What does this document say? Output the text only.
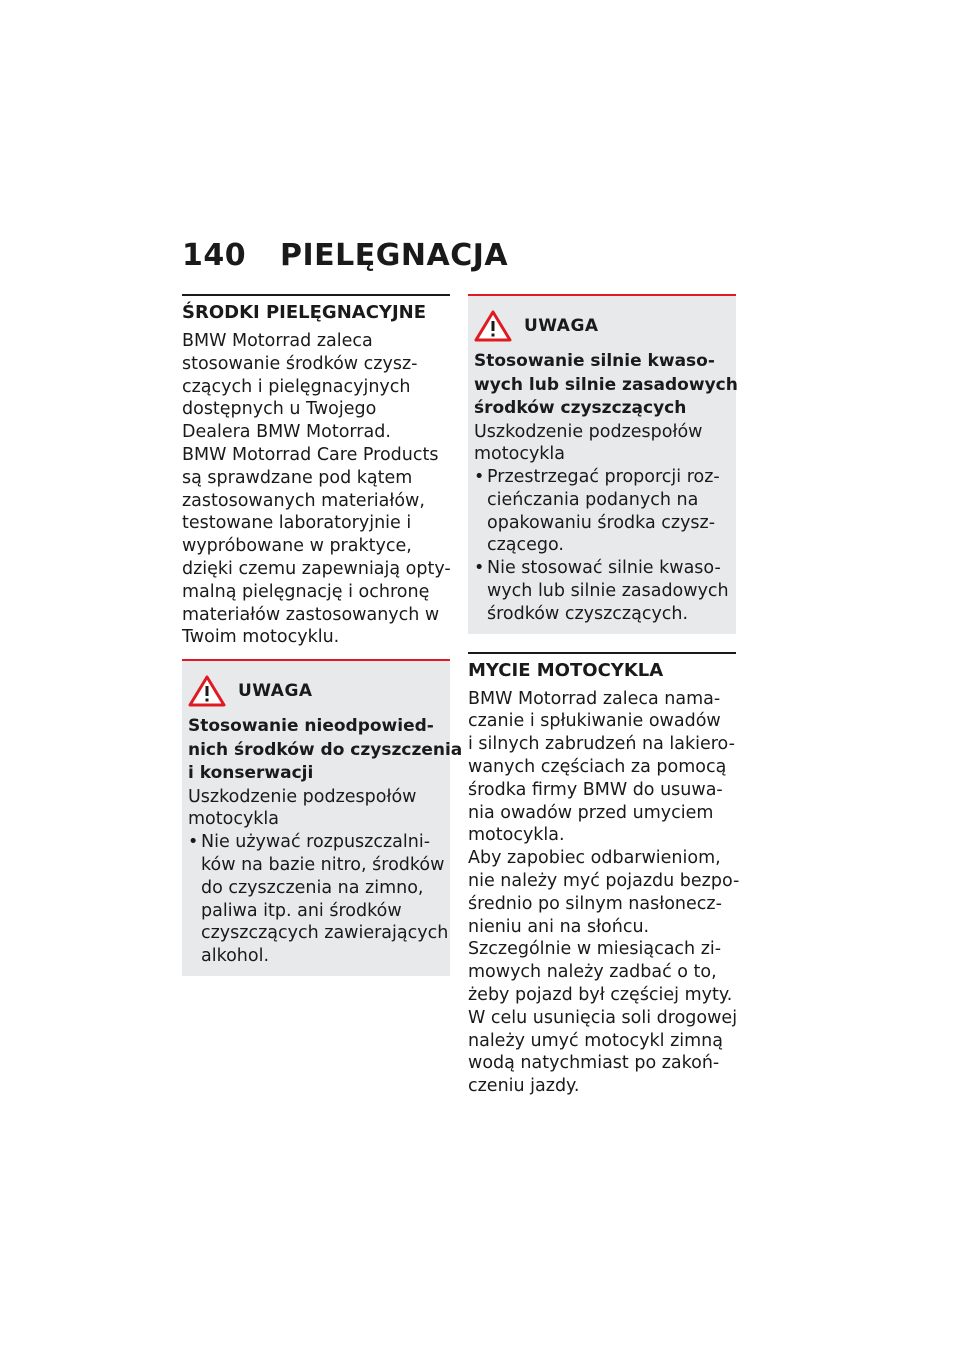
140 PIELĘGNACJA
ŚRODKI PIELĘGNACYJNE
BMW Motorrad zaleca
stosowanie środków czysz-
czących i pielęgnacyjnych
dostępnych u Twojego
Dealera BMW Motorrad.
BMW Motorrad Care Products
są sprawdzane pod kątem
zastosowanych materiałów,
testowane laboratoryjnie i
wypróbowane w praktyce,
dzięki czemu zapewniają opty-
malną pielęgnację i ochronę
materiałów zastosowanych w
Twoim motocyklu.
UWAGA
Stosowanie nieodpowied-
nich środków do czyszczenia
i konserwacji
Uszkodzenie podzespołów
motocykla
• Nie używać rozpuszczalni-
ków na bazie nitro, środków
do czyszczenia na zimno,
paliwa itp. ani środków
czyszczących zawierających
alkohol.
UWAGA
Stosowanie silnie kwaso-
wych lub silnie zasadowych
środków czyszczących
Uszkodzenie podzespołów
motocykla
• Przestrzegać proporcji roz-
cieńczania podanych na
opakowaniu środka czysz-
czącego.
• Nie stosować silnie kwaso-
wych lub silnie zasadowych
środków czyszczących.
MYCIE MOTOCYKLA
BMW Motorrad zaleca nama-
czanie i spłukiwanie owadów
i silnych zabrudzeń na lakiero-
wanych częściach za pomocą
środka firmy BMW do usuwa-
nia owadów przed umyciem
motocykla.
Aby zapobiec odbarwieniom,
nie należy myć pojazdu bezpo-
średnio po silnym nasłonecz-
nieniu ani na słońcu.
Szczególnie w miesiącach zi-
mowych należy zadbać o to,
żeby pojazd był częściej myty.
W celu usunięcia soli drogowej
należy umyć motocykl zimną
wodą natychmiast po zakoń-
czeniu jazdy.
